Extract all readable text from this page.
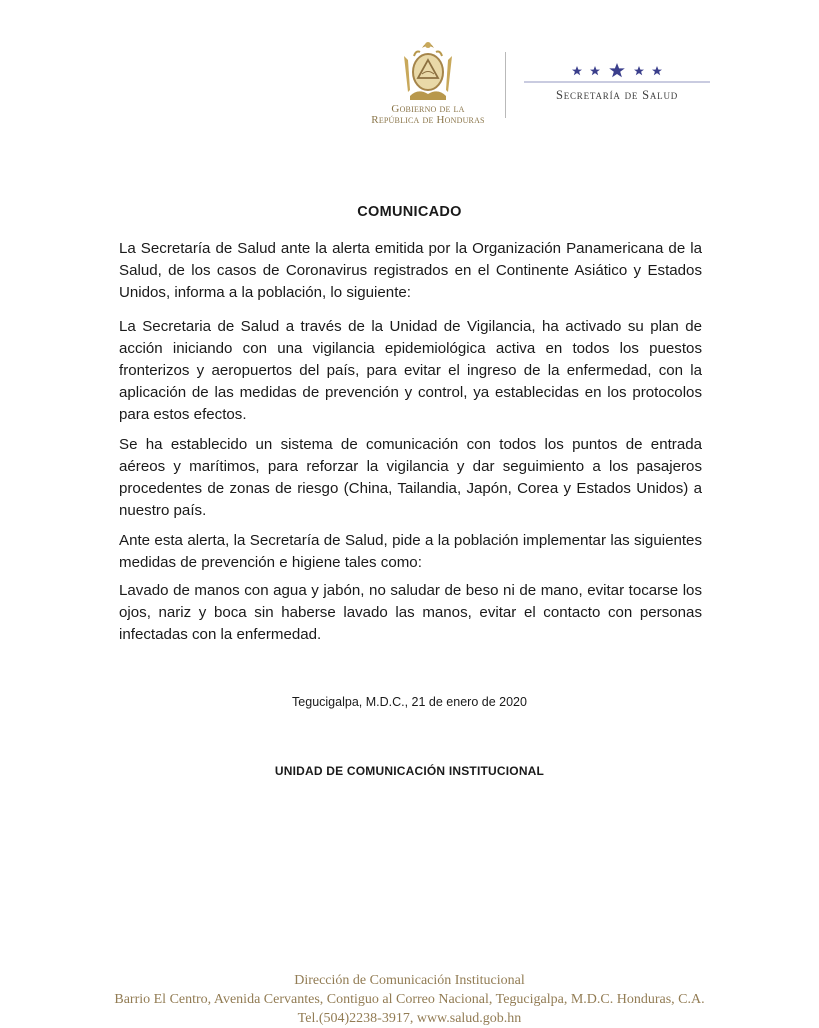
Gobierno de la
República de Honduras
Secretaría de Salud
COMUNICADO
La Secretaría de Salud ante la alerta emitida por la Organización Panamericana de la Salud, de los casos de Coronavirus registrados en el Continente Asiático y Estados Unidos, informa a la población, lo siguiente:
La Secretaria de Salud a través de la Unidad de Vigilancia, ha activado su plan de acción iniciando con una vigilancia epidemiológica activa en todos los puestos fronterizos y aeropuertos del país, para evitar el ingreso de la enfermedad, con la aplicación de las medidas de prevención y control, ya establecidas en los protocolos para estos efectos.
Se ha establecido un sistema de comunicación con todos los puntos de entrada aéreos y marítimos, para reforzar la vigilancia y dar seguimiento a los pasajeros procedentes de zonas de riesgo (China, Tailandia, Japón, Corea y Estados Unidos) a nuestro país.
Ante esta alerta, la Secretaría de Salud, pide a la población implementar las siguientes medidas de prevención e higiene tales como:
Lavado de manos con agua y jabón, no saludar de beso ni de mano, evitar tocarse los ojos, nariz y boca sin haberse lavado las manos, evitar el contacto con personas infectadas con la enfermedad.
Tegucigalpa, M.D.C., 21 de enero de 2020
UNIDAD DE COMUNICACIÓN INSTITUCIONAL
Dirección de Comunicación Institucional
Barrio El Centro, Avenida Cervantes, Contiguo al Correo Nacional, Tegucigalpa, M.D.C. Honduras, C.A.
Tel.(504)2238-3917, www.salud.gob.hn
